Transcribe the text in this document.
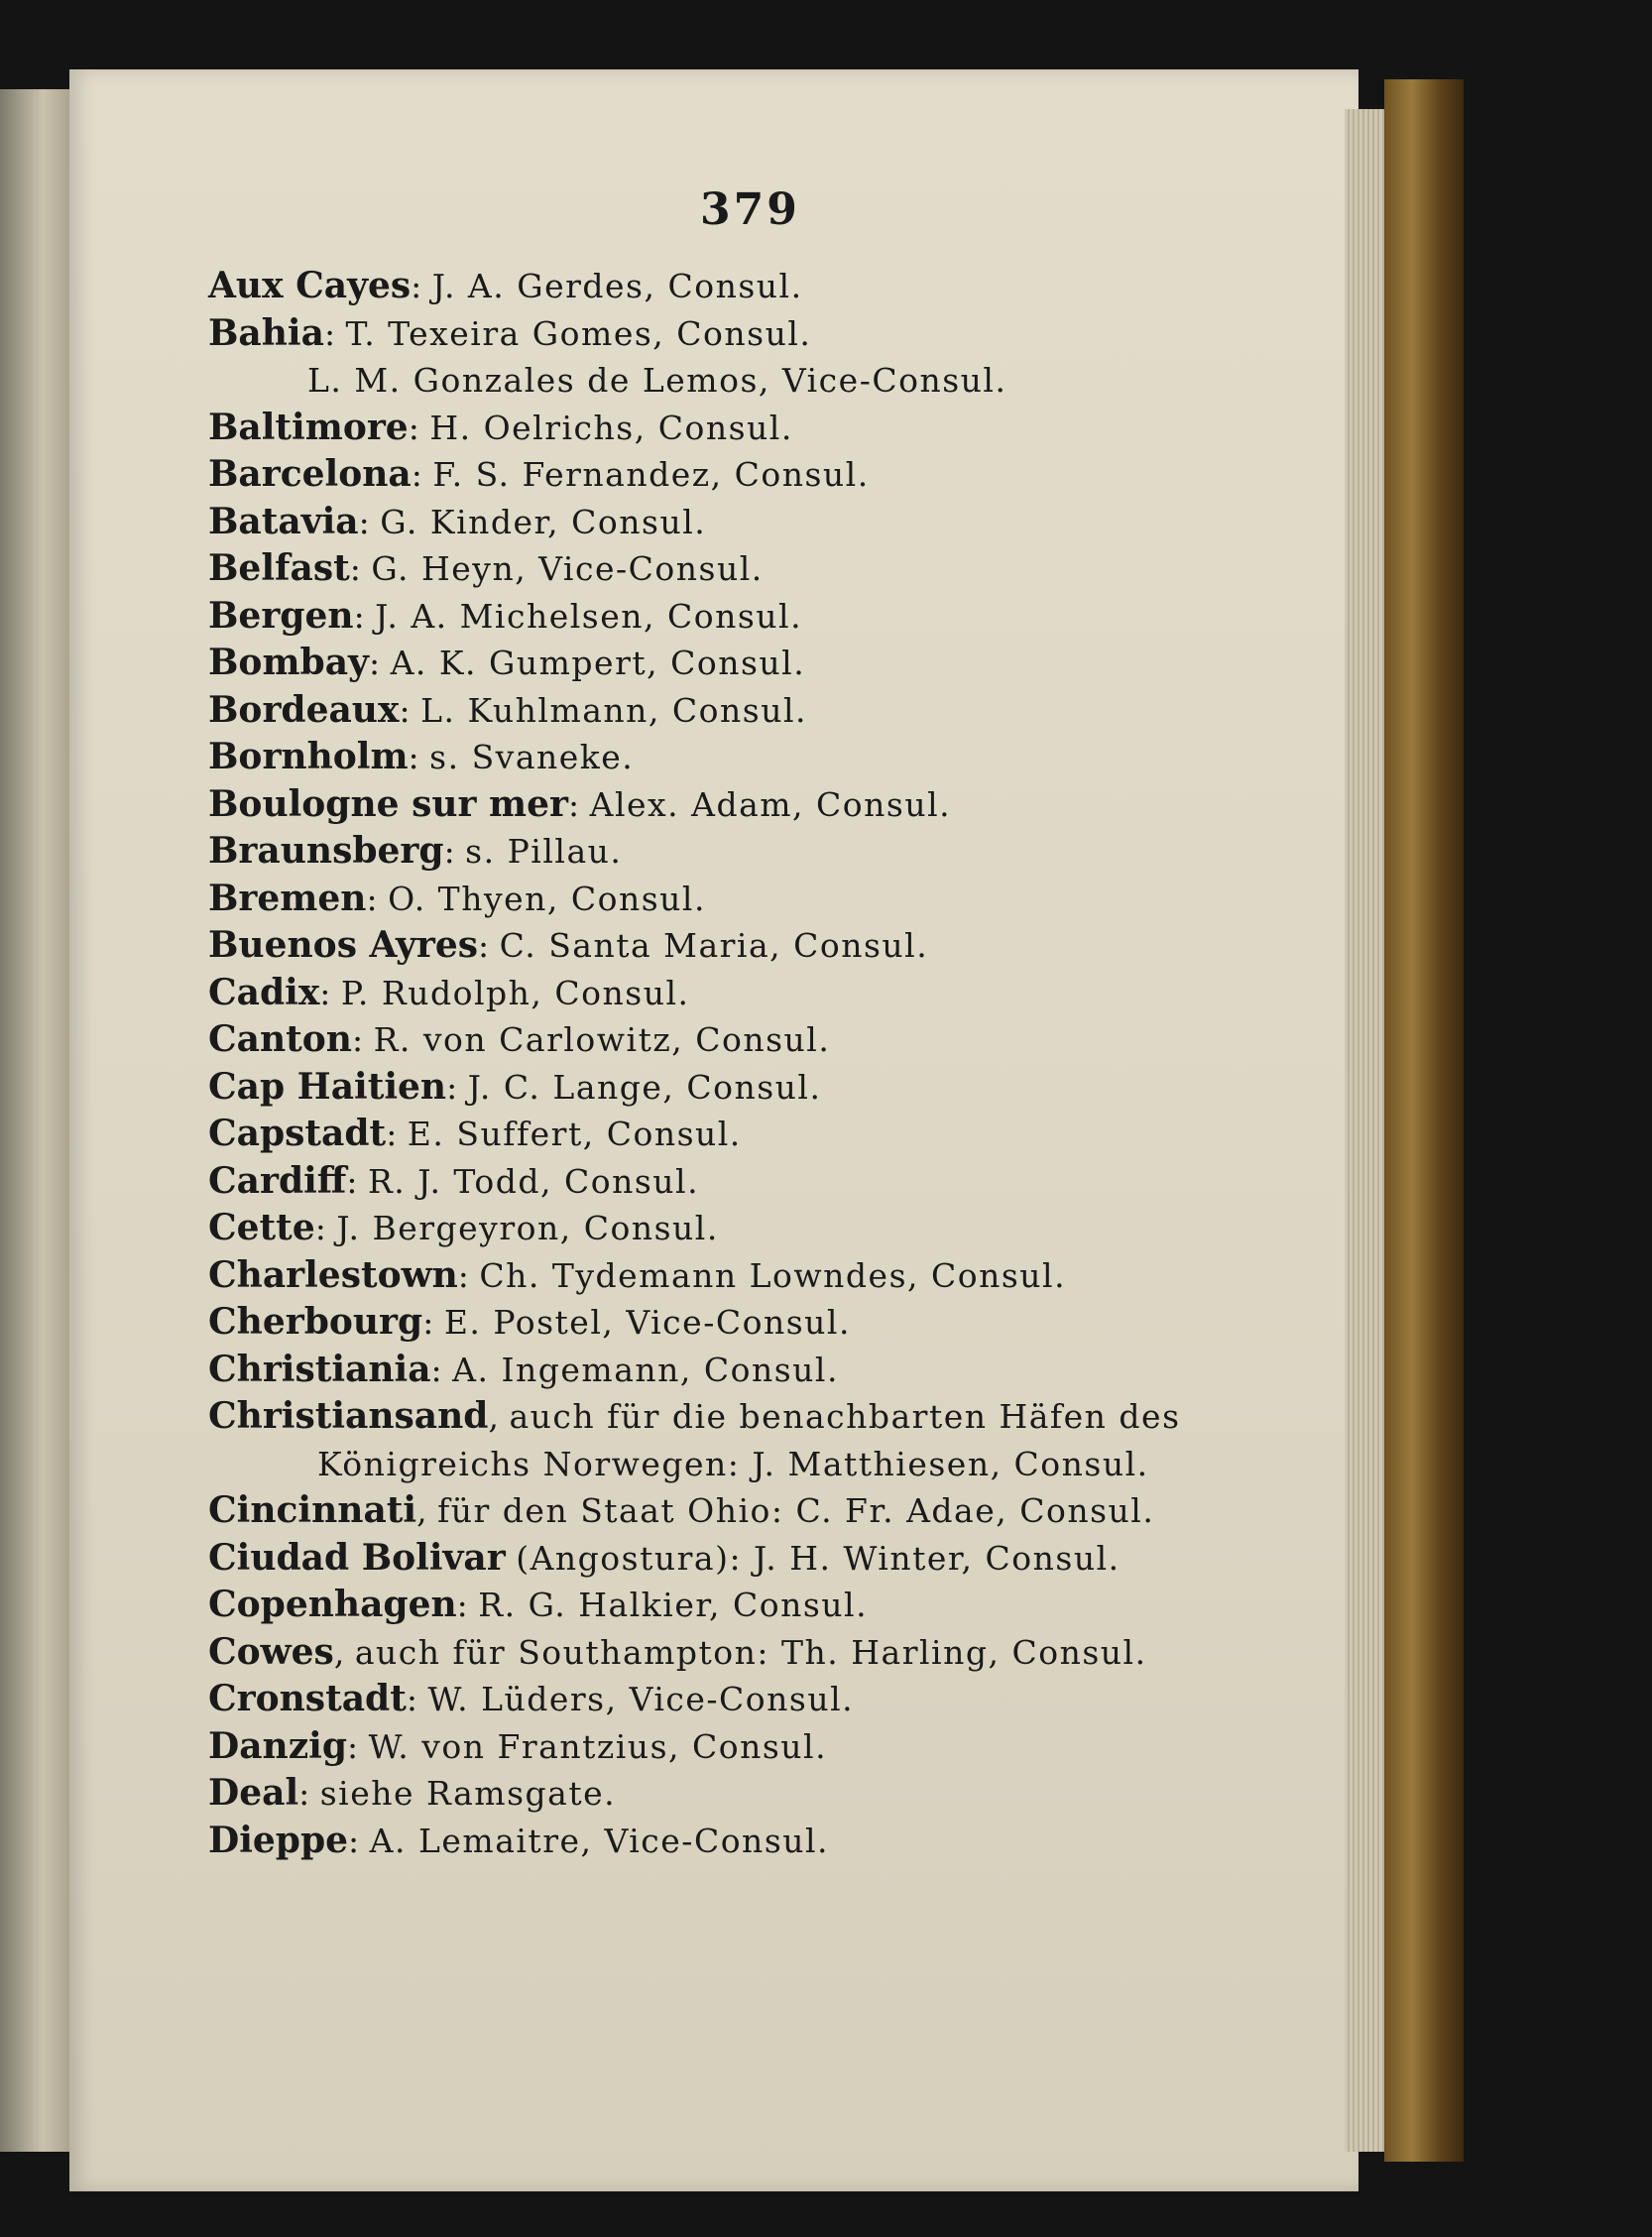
379
Aux Cayes: J. A. Gerdes, Consul.
Bahia: T. Texeira Gomes, Consul.
L. M. Gonzales de Lemos, Vice-Consul.
Baltimore: H. Oelrichs, Consul.
Barcelona: F. S. Fernandez, Consul.
Batavia: G. Kinder, Consul.
Belfast: G. Heyn, Vice-Consul.
Bergen: J. A. Michelsen, Consul.
Bombay: A. K. Gumpert, Consul.
Bordeaux: L. Kuhlmann, Consul.
Bornholm: s. Svaneke.
Boulogne sur mer: Alex. Adam, Consul.
Braunsberg: s. Pillau.
Bremen: O. Thyen, Consul.
Buenos Ayres: C. Santa Maria, Consul.
Cadix: P. Rudolph, Consul.
Canton: R. von Carlowitz, Consul.
Cap Haitien: J. C. Lange, Consul.
Capstadt: E. Suffert, Consul.
Cardiff: R. J. Todd, Consul.
Cette: J. Bergeyron, Consul.
Charlestown: Ch. Tydemann Lowndes, Consul.
Cherbourg: E. Postel, Vice-Consul.
Christiania: A. Ingemann, Consul.
Christiansand, auch für die benachbarten Häfen des
Königreichs Norwegen: J. Matthiesen, Consul.
Cincinnati, für den Staat Ohio: C. Fr. Adae, Consul.
Ciudad Bolivar (Angostura): J. H. Winter, Consul.
Copenhagen: R. G. Halkier, Consul.
Cowes, auch für Southampton: Th. Harling, Consul.
Cronstadt: W. Lüders, Vice-Consul.
Danzig: W. von Frantzius, Consul.
Deal: siehe Ramsgate.
Dieppe: A. Lemaitre, Vice-Consul.
